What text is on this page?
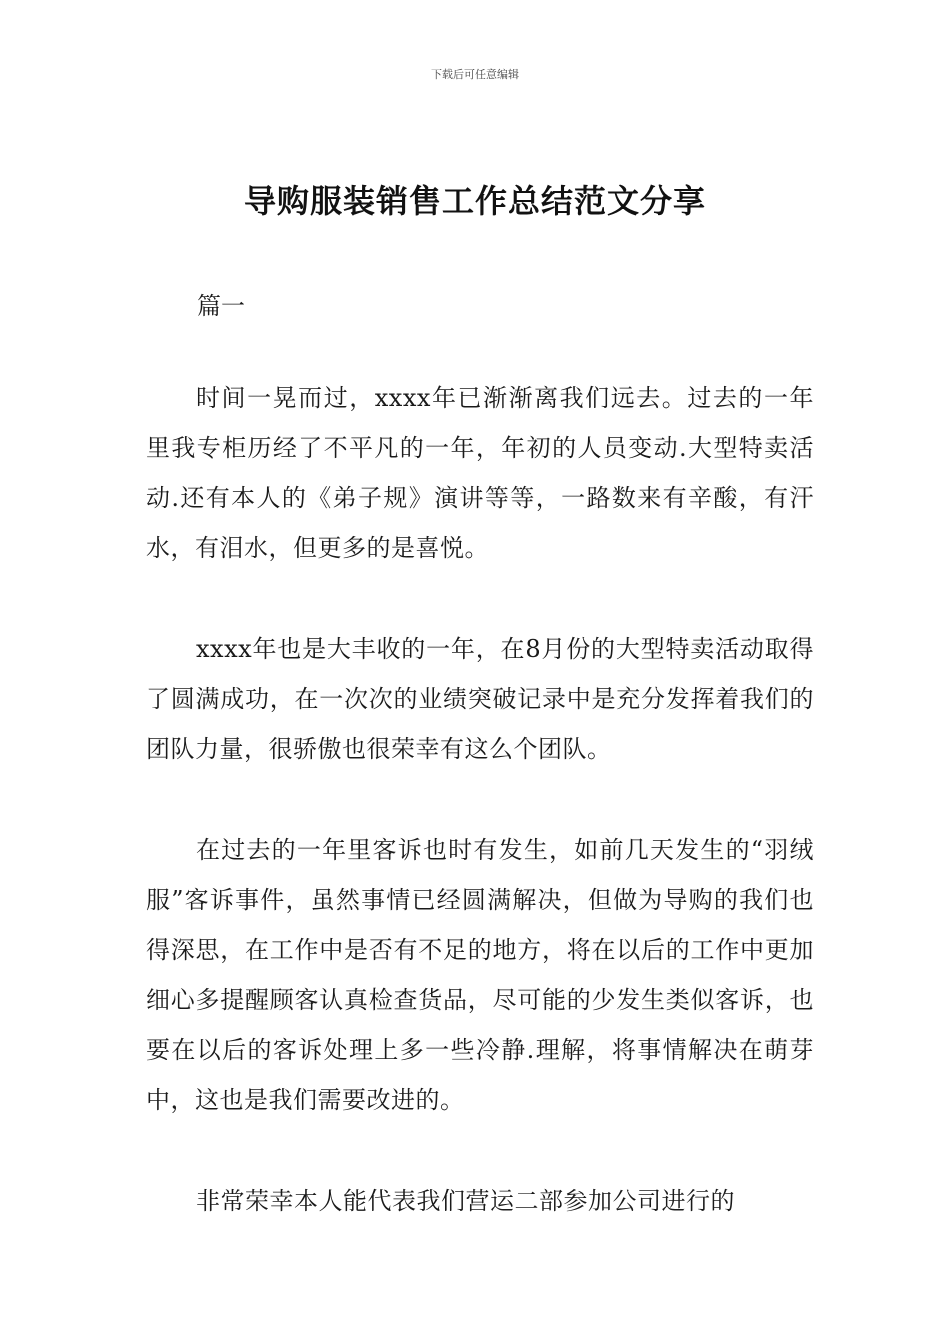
下载后可任意编辑
导购服装销售工作总结范文分享
篇一

时间一晃而过，xxxx年已渐渐离我们远去。过去的一年里我专柜历经了不平凡的一年，年初的人员变动.大型特卖活动.还有本人的《弟子规》演讲等等，一路数来有辛酸，有汗水，有泪水，但更多的是喜悦。

xxxx年也是大丰收的一年，在8月份的大型特卖活动取得了圆满成功，在一次次的业绩突破记录中是充分发挥着我们的团队力量，很骄傲也很荣幸有这么个团队。

在过去的一年里客诉也时有发生，如前几天发生的“羽绒服”客诉事件，虽然事情已经圆满解决，但做为导购的我们也得深思，在工作中是否有不足的地方，将在以后的工作中更加细心多提醒顾客认真检查货品，尽可能的少发生类似客诉，也要在以后的客诉处理上多一些冷静.理解，将事情解决在萌芽中，这也是我们需要改进的。

非常荣幸本人能代表我们营运二部参加公司进行的
